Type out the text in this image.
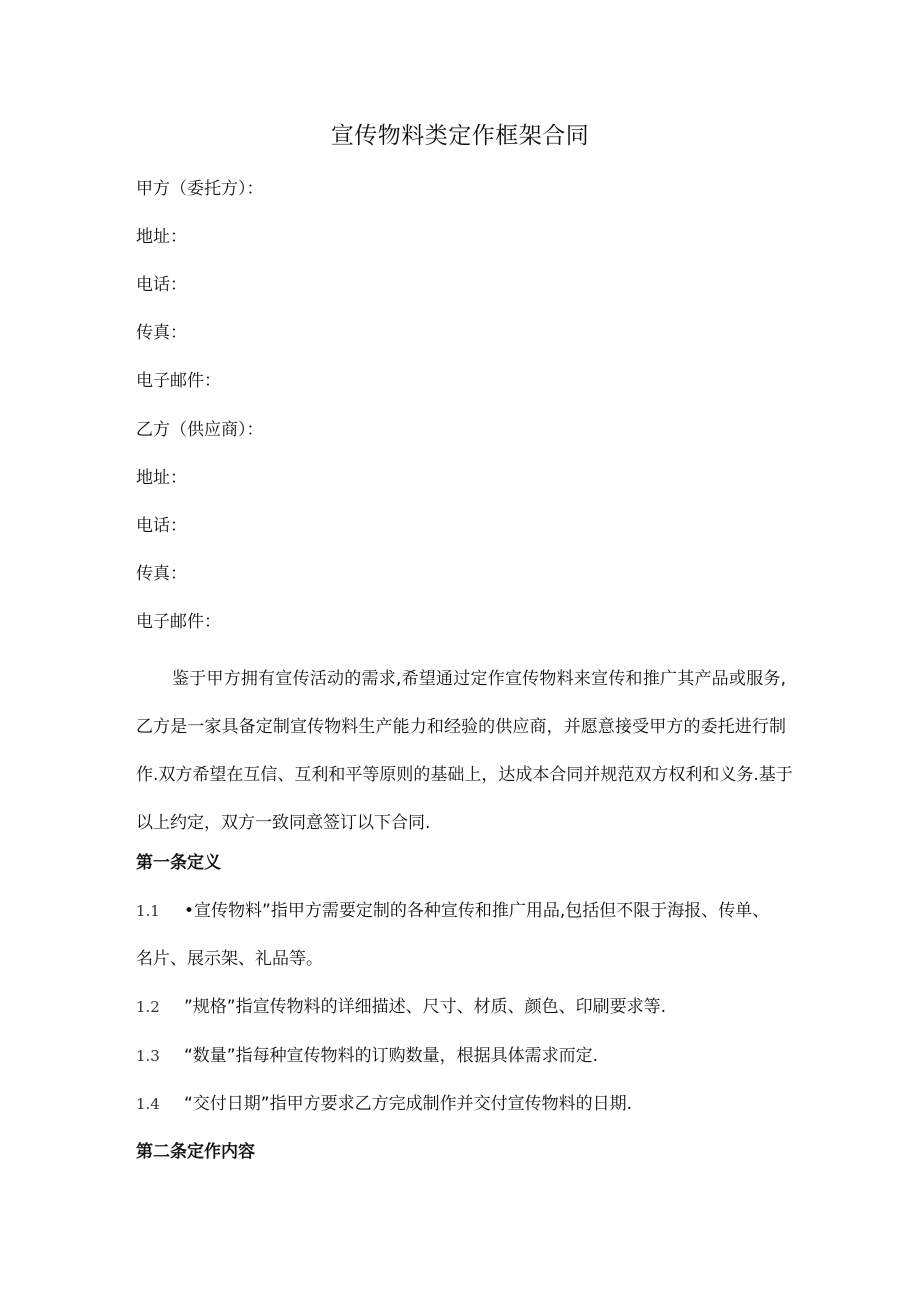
宣传物料类定作框架合同
甲方（委托方）：
地址：
电话：
传真：
电子邮件：
乙方（供应商）：
地址：
电话：
传真：
电子邮件：
鉴于甲方拥有宣传活动的需求,希望通过定作宣传物料来宣传和推广其产品或服务,
乙方是一家具备定制宣传物料生产能力和经验的供应商，并愿意接受甲方的委托进行制
作.双方希望在互信、互利和平等原则的基础上，达成本合同并规范双方权利和义务.基于
以上约定，双方一致同意签订以下合同.
第一条定义
1.1 •宣传物料”指甲方需要定制的各种宣传和推广用品,包括但不限于海报、传单、
名片、展示架、礼品等。
1.2 ”规格”指宣传物料的详细描述、尺寸、材质、颜色、印刷要求等.
1.3 “数量”指每种宣传物料的订购数量，根据具体需求而定.
1.4 “交付日期”指甲方要求乙方完成制作并交付宣传物料的日期.
第二条定作内容
